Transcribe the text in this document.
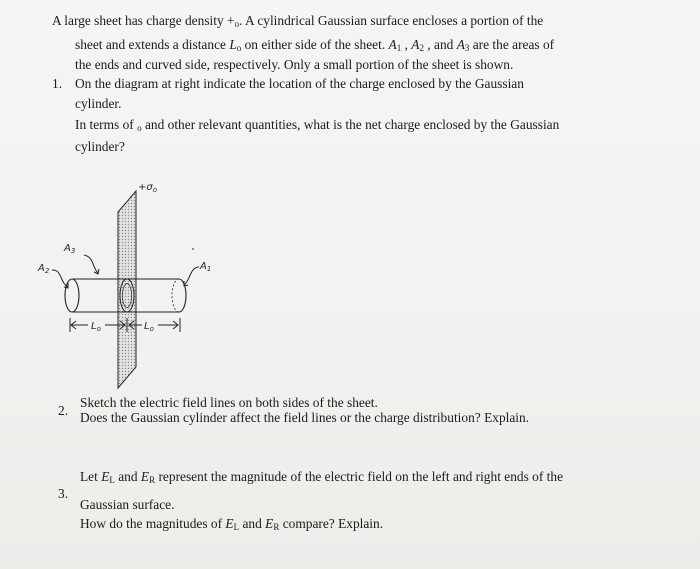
A large sheet has charge density $+_o$. A cylindrical Gaussian surface encloses a portion of the
sheet and extends a distance $L_o$ on either side of the sheet. $A_1$ , $A_2$ , and $A_3$ are the areas of
the ends and curved side, respectively. Only a small portion of the sheet is shown.
1. On the diagram at right indicate the location of the charge enclosed by the Gaussian
cylinder.
In terms of $_o$ and other relevant quantities, what is the net charge enclosed by the Gaussian
cylinder?
$+\sigma_o$
$A_3$
$A_2$	$A_1$
$L_o$	$L_o$
2.
Sketch the electric field lines on both sides of the sheet.
Does the Gaussian cylinder affect the field lines or the charge distribution? Explain.
3.
Let $E_L$ and $E_R$ represent the magnitude of the electric field on the left and right ends of the
Gaussian surface.
How do the magnitudes of $E_L$ and $E_R$ compare? Explain.
